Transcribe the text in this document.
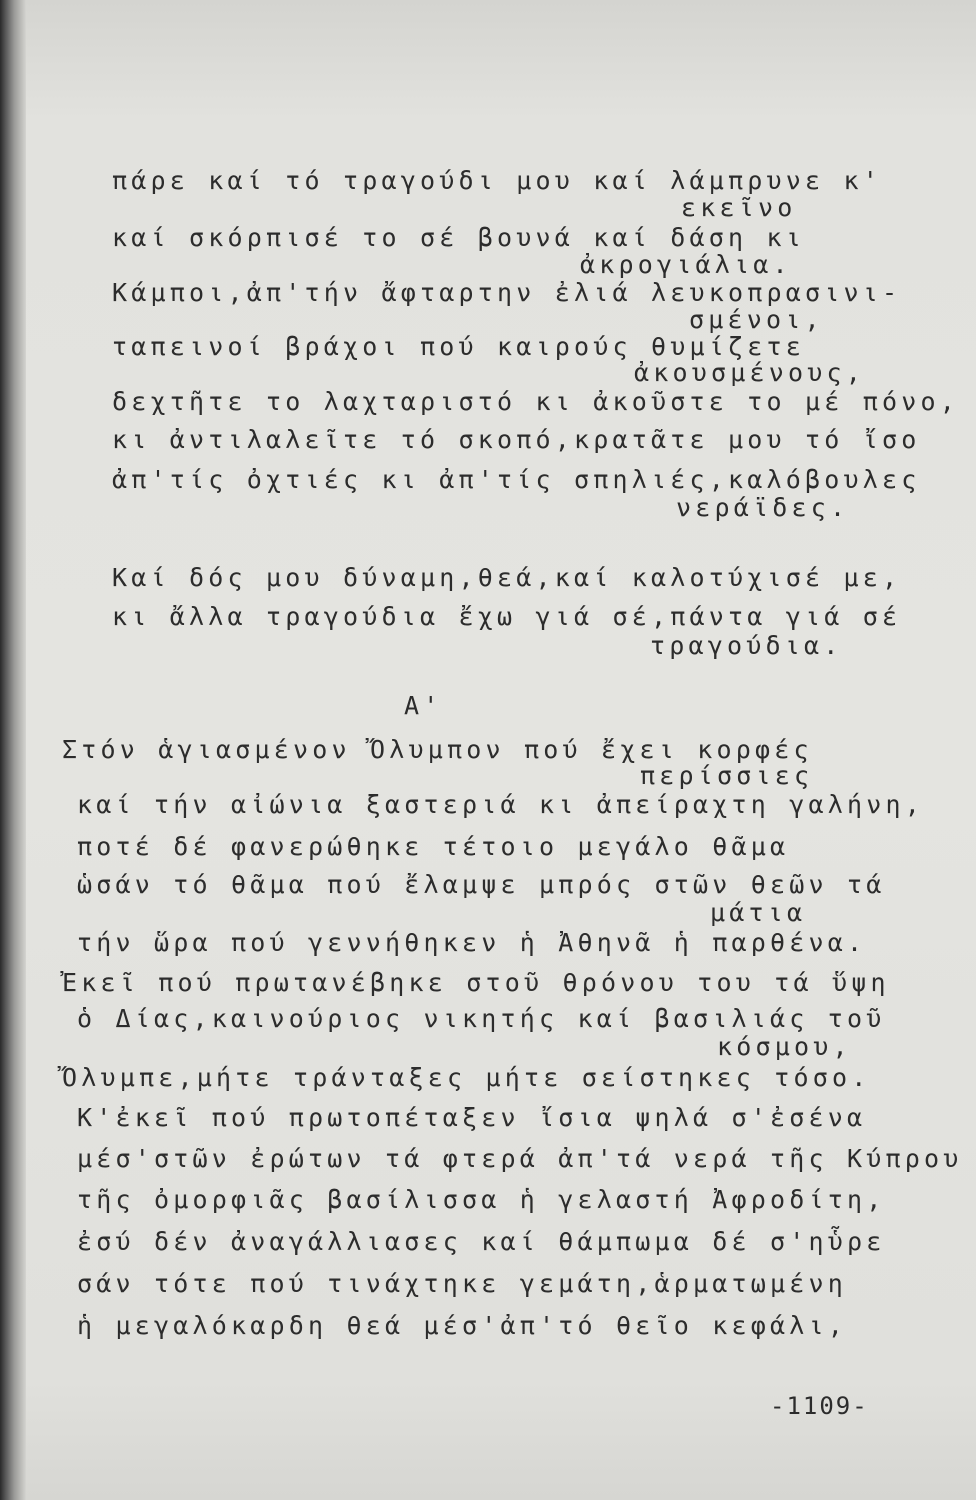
πάρε καί τό τραγούδι μου καί λάμπρυνε κ'
εκεῖνο
καί σκόρπισέ το σέ βουνά καί δάση κι
ἀκρογιάλια.
Κάμποι,ἀπ'τήν ἄφταρτην ἐλιά λευκοπρασινι-
σμένοι,
ταπεινοί βράχοι πού καιρούς θυμίζετε
ἀκουσμένους,
δεχτῆτε το λαχταριστό κι ἀκοῦστε το μέ πόνο,
κι ἀντιλαλεῖτε τό σκοπό,κρατᾶτε μου τό ἴσο
ἀπ'τίς ὀχτιές κι ἀπ'τίς σπηλιές,καλόβουλες
νεράϊδες.
Καί δός μου δύναμη,θεά,καί καλοτύχισέ με,
κι ἄλλα τραγούδια ἔχω γιά σέ,πάντα γιά σέ
τραγούδια.
Α'
Στόν ἁγιασμένον Ὄλυμπον πού ἔχει κορφές
περίσσιες
καί τήν αἰώνια ξαστεριά κι ἀπείραχτη γαλήνη,
ποτέ δέ φανερώθηκε τέτοιο μεγάλο θᾶμα
ὡσάν τό θᾶμα πού ἔλαμψε μπρός στῶν θεῶν τά
μάτια
τήν ὥρα πού γεννήθηκεν ἡ Ἀθηνᾶ ἡ παρθένα.
Ἐκεῖ πού πρωτανέβηκε στοῦ θρόνου του τά ὕψη
ὁ Δίας,καινούριος νικητής καί βασιλιάς τοῦ
κόσμου,
Ὄλυμπε,μήτε τράνταξες μήτε σείστηκες τόσο.
Κ'ἐκεῖ πού πρωτοπέταξεν ἴσια ψηλά σ'ἐσένα
μέσ'στῶν ἐρώτων τά φτερά ἀπ'τά νερά τῆς Κύπρου
τῆς ὀμορφιᾶς βασίλισσα ἡ γελαστή Ἀφροδίτη,
ἐσύ δέν ἀναγάλλιασες καί θάμπωμα δέ σ'ηὗρε
σάν τότε πού τινάχτηκε γεμάτη,ἁρματωμένη
ἡ μεγαλόκαρδη θεά μέσ'ἀπ'τό θεῖο κεφάλι,
-1109-
